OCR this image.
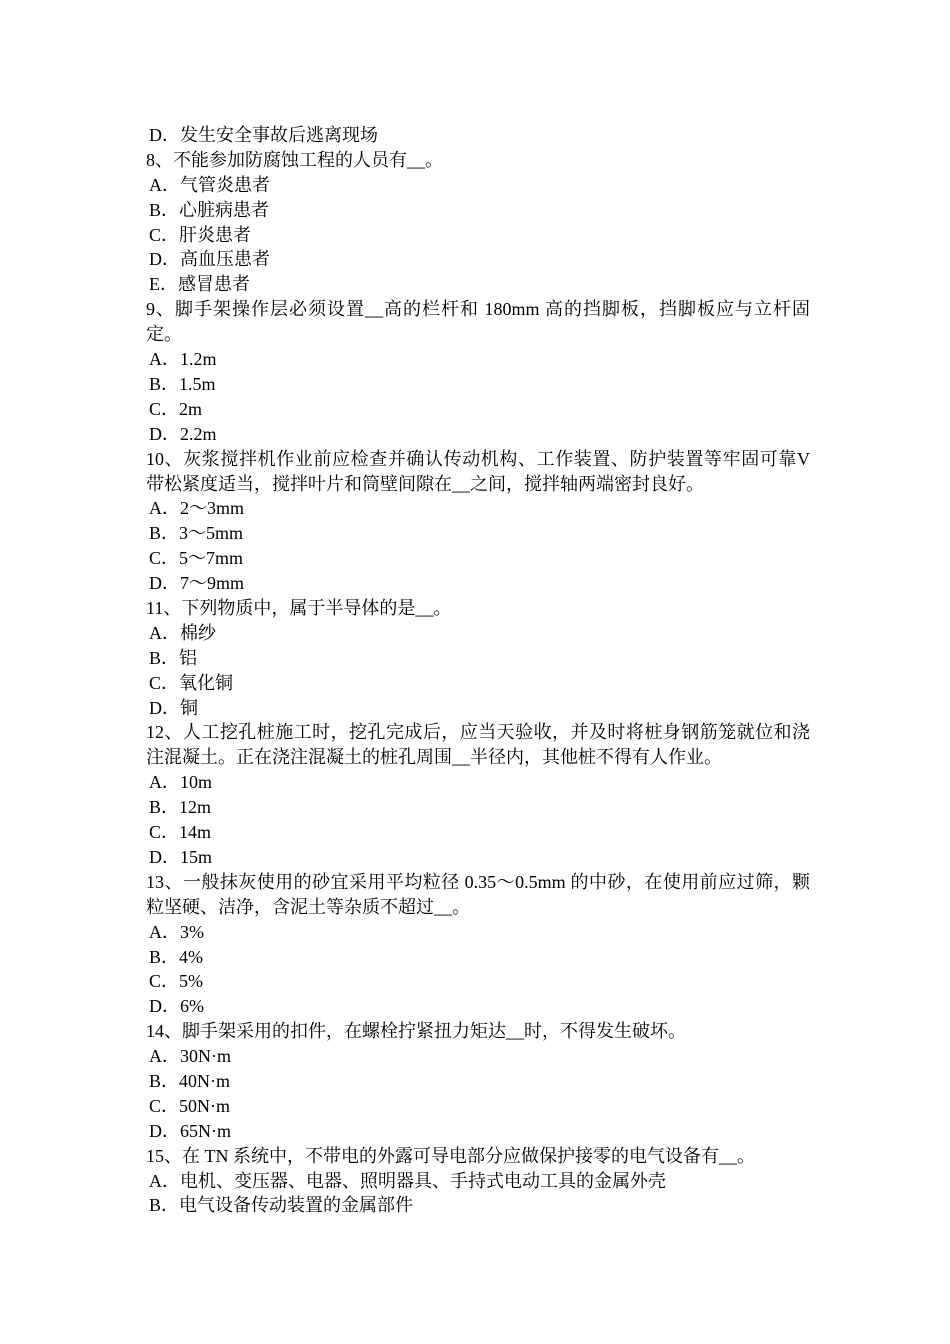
D．发生安全事故后逃离现场
8、不能参加防腐蚀工程的人员有__。
A．气管炎患者
B．心脏病患者
C．肝炎患者
D．高血压患者
E．感冒患者
9、脚手架操作层必须设置__高的栏杆和 180mm 高的挡脚板，挡脚板应与立杆固定。
A．1.2m
B．1.5m
C．2m
D．2.2m
10、灰浆搅拌机作业前应检查并确认传动机构、工作装置、防护装置等牢固可靠V 带松紧度适当，搅拌叶片和筒壁间隙在__之间，搅拌轴两端密封良好。
A．2～3mm
B．3～5mm
C．5～7mm
D．7～9mm
11、下列物质中，属于半导体的是__。
A．棉纱
B．铝
C．氧化铜
D．铜
12、人工挖孔桩施工时，挖孔完成后，应当天验收，并及时将桩身钢筋笼就位和浇注混凝土。正在浇注混凝土的桩孔周围__半径内，其他桩不得有人作业。
A．10m
B．12m
C．14m
D．15m
13、一般抹灰使用的砂宜采用平均粒径 0.35～0.5mm 的中砂，在使用前应过筛，颗粒坚硬、洁净，含泥土等杂质不超过__。
A．3%
B．4%
C．5%
D．6%
14、脚手架采用的扣件，在螺栓拧紧扭力矩达__时，不得发生破坏。
A．30N·m
B．40N·m
C．50N·m
D．65N·m
15、在 TN 系统中，不带电的外露可导电部分应做保护接零的电气设备有__。
A．电机、变压器、电器、照明器具、手持式电动工具的金属外壳
B．电气设备传动装置的金属部件
